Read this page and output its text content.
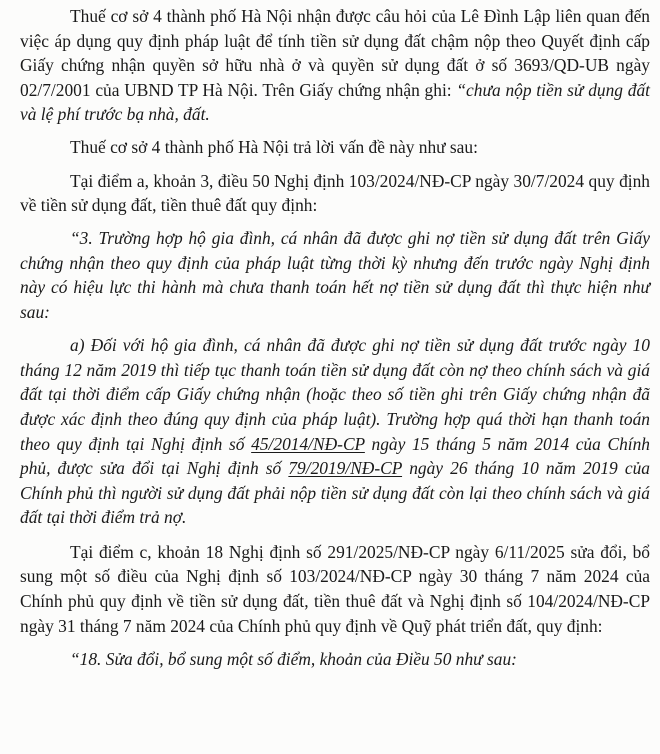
Thuế cơ sở 4 thành phố Hà Nội nhận được câu hỏi của Lê Đình Lập liên quan đến việc áp dụng quy định pháp luật để tính tiền sử dụng đất chậm nộp theo Quyết định cấp Giấy chứng nhận quyền sở hữu nhà ở và quyền sử dụng đất ở số 3693/QD-UB ngày 02/7/2001 của UBND TP Hà Nội. Trên Giấy chứng nhận ghi: “chưa nộp tiền sử dụng đất và lệ phí trước bạ nhà, đất.

Thuế cơ sở 4 thành phố Hà Nội trả lời vấn đề này như sau:

Tại điểm a, khoản 3, điều 50 Nghị định 103/2024/NĐ-CP ngày 30/7/2024 quy định về tiền sử dụng đất, tiền thuê đất quy định:

“3. Trường hợp hộ gia đình, cá nhân đã được ghi nợ tiền sử dụng đất trên Giấy chứng nhận theo quy định của pháp luật từng thời kỳ nhưng đến trước ngày Nghị định này có hiệu lực thi hành mà chưa thanh toán hết nợ tiền sử dụng đất thì thực hiện như sau:

a) Đối với hộ gia đình, cá nhân đã được ghi nợ tiền sử dụng đất trước ngày 10 tháng 12 năm 2019 thì tiếp tục thanh toán tiền sử dụng đất còn nợ theo chính sách và giá đất tại thời điểm cấp Giấy chứng nhận (hoặc theo số tiền ghi trên Giấy chứng nhận đã được xác định theo đúng quy định của pháp luật). Trường hợp quá thời hạn thanh toán theo quy định tại Nghị định số 45/2014/NĐ-CP ngày 15 tháng 5 năm 2014 của Chính phủ, được sửa đổi tại Nghị định số 79/2019/NĐ-CP ngày 26 tháng 10 năm 2019 của Chính phủ thì người sử dụng đất phải nộp tiền sử dụng đất còn lại theo chính sách và giá đất tại thời điểm trả nợ.

Tại điểm c, khoản 18 Nghị định số 291/2025/NĐ-CP ngày 6/11/2025 sửa đổi, bổ sung một số điều của Nghị định số 103/2024/NĐ-CP ngày 30 tháng 7 năm 2024 của Chính phủ quy định về tiền sử dụng đất, tiền thuê đất và Nghị định số 104/2024/NĐ-CP ngày 31 tháng 7 năm 2024 của Chính phủ quy định về Quỹ phát triển đất, quy định:

“18. Sửa đổi, bổ sung một số điểm, khoản của Điều 50 như sau:
